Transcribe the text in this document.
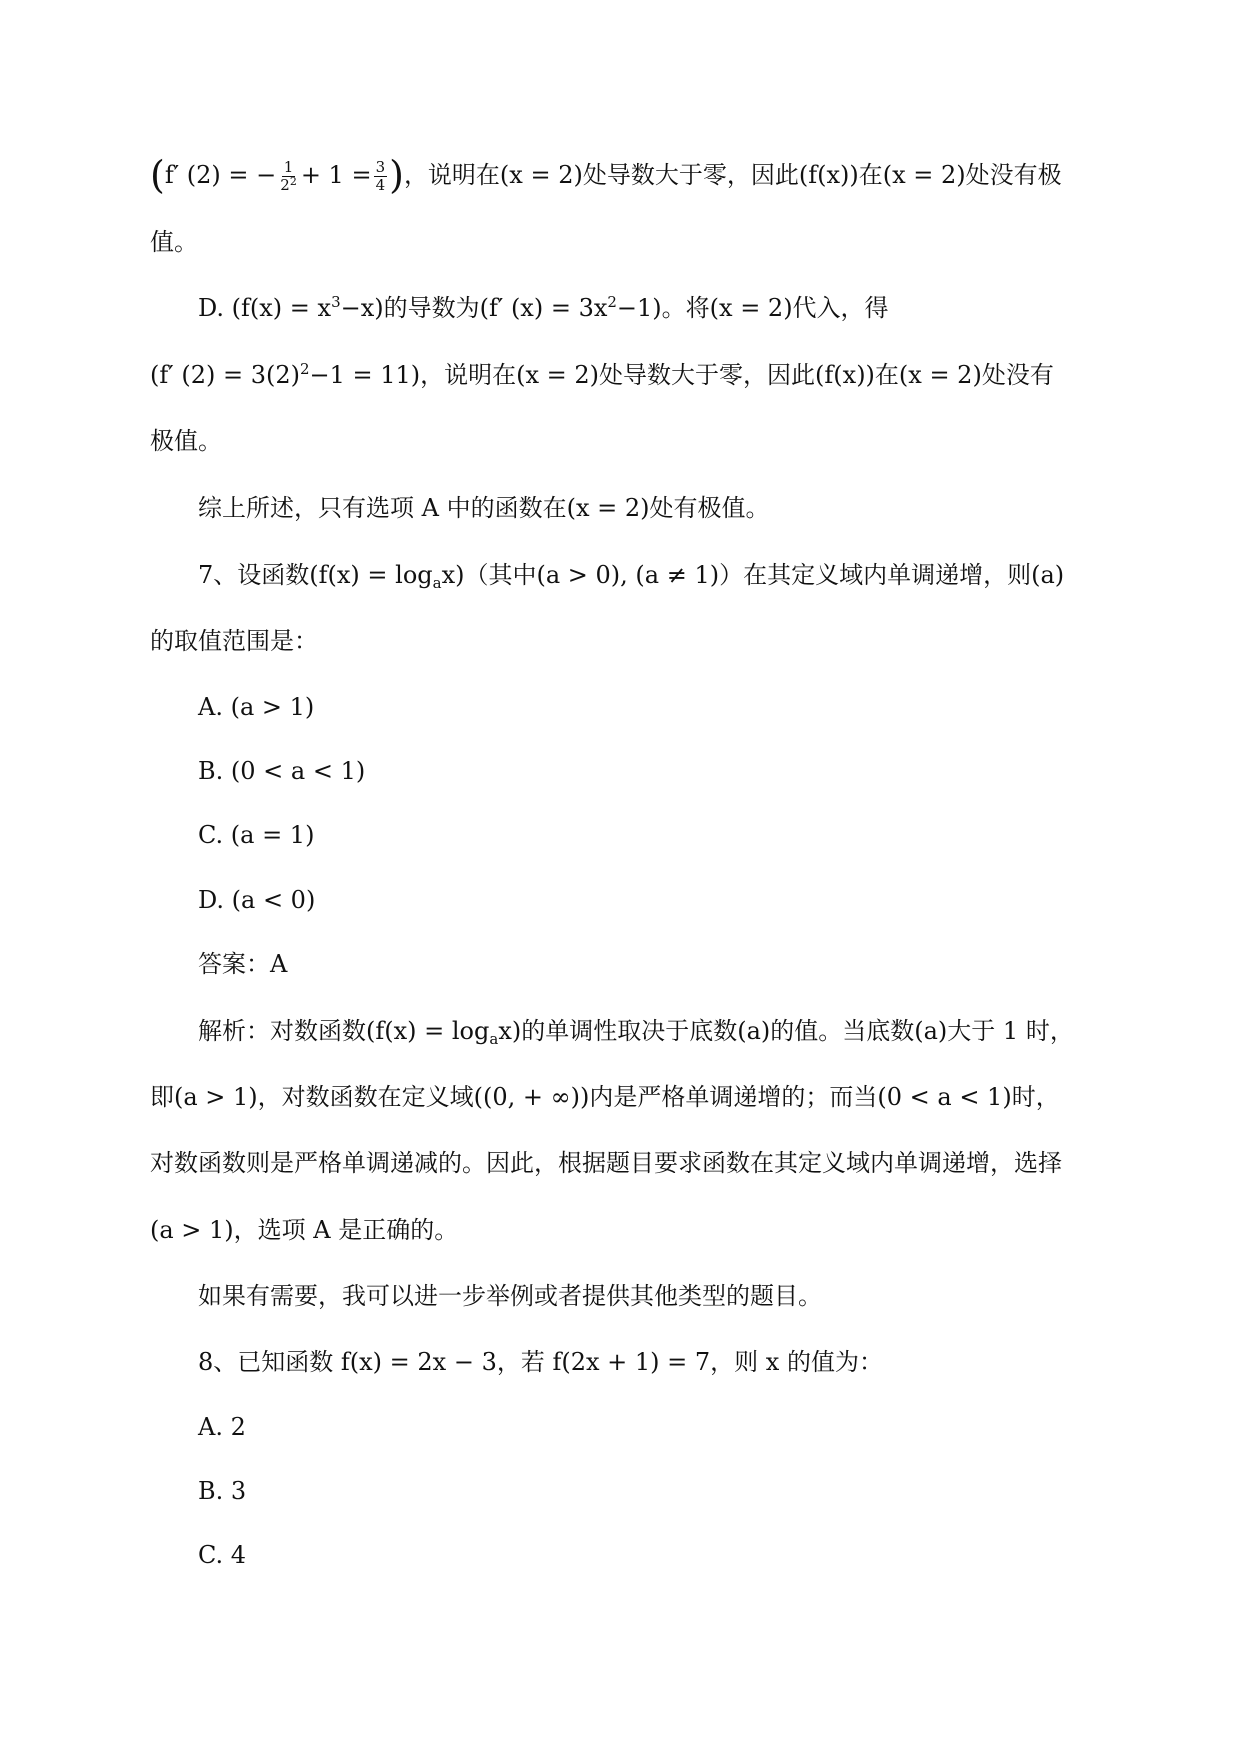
(f′ (2) = − $\frac{1}{2^2} + 1 = \frac{3}{4}$ )，说明在(x = 2)处导数大于零，因此(f(x))在(x = 2)处没有极
值。
D. $(f(x) = x^3-x)$的导数为(f′ $(x) = 3x^2-1$)。将(x = 2)代入，得
(f′ $(2) = 3(2)^2-1 = 11$)，说明在(x = 2)处导数大于零，因此(f(x))在(x = 2)处没有
极值。
综上所述，只有选项 A 中的函数在(x = 2)处有极值。
7、设函数$(f(x) = \log_ax)$（其中(a > 0), (a ≠ 1)）在其定义域内单调递增，则(a)
的取值范围是：
A. (a > 1)
B. (0 < a < 1)
C. (a = 1)
D. (a < 0)
答案：A
解析：对数函数$(f(x) = \log_ax)$的单调性取决于底数(a)的值。当底数(a)大于 1 时，
即(a > 1)，对数函数在定义域((0, + ∞))内是严格单调递增的；而当(0 < a < 1)时，
对数函数则是严格单调递减的。因此，根据题目要求函数在其定义域内单调递增，选择
(a > 1)，选项 A 是正确的。
如果有需要，我可以进一步举例或者提供其他类型的题目。
8、已知函数 f(x) = 2x − 3，若 f(2x + 1) = 7，则 x 的值为：
A. 2
B. 3
C. 4
